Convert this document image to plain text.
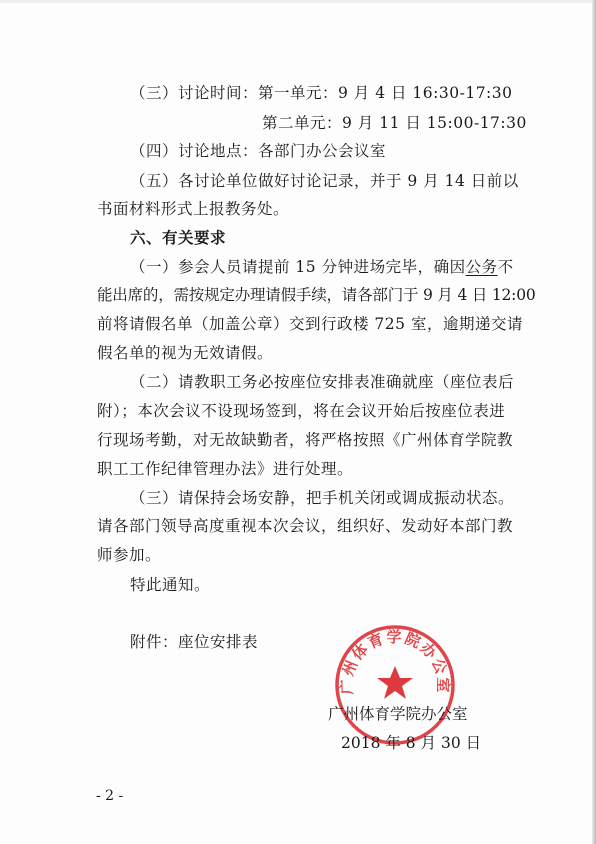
（三）讨论时间：第一单元：9 月 4 日 16:30-17:30
第二单元：9 月 11 日 15:00-17:30
（四）讨论地点：各部门办公会议室
（五）各讨论单位做好讨论记录，并于 9 月 14 日前以
书面材料形式上报教务处。
六、有关要求
（一）参会人员请提前 15 分钟进场完毕，确因公务不
能出席的，需按规定办理请假手续，请各部门于 9 月 4 日 12:00
前将请假名单（加盖公章）交到行政楼 725 室，逾期递交请
假名单的视为无效请假。
（二）请教职工务必按座位安排表准确就座（座位表后
附）；本次会议不设现场签到，将在会议开始后按座位表进
行现场考勤，对无故缺勤者，将严格按照《广州体育学院教
职工工作纪律管理办法》进行处理。
（三）请保持会场安静，把手机关闭或调成振动状态。
请各部门领导高度重视本次会议，组织好、发动好本部门教
师参加。
特此通知。
附件：座位安排表
广州体育学院办公室
广州体育学院办公室
2018 年 8 月 30 日
- 2 -
